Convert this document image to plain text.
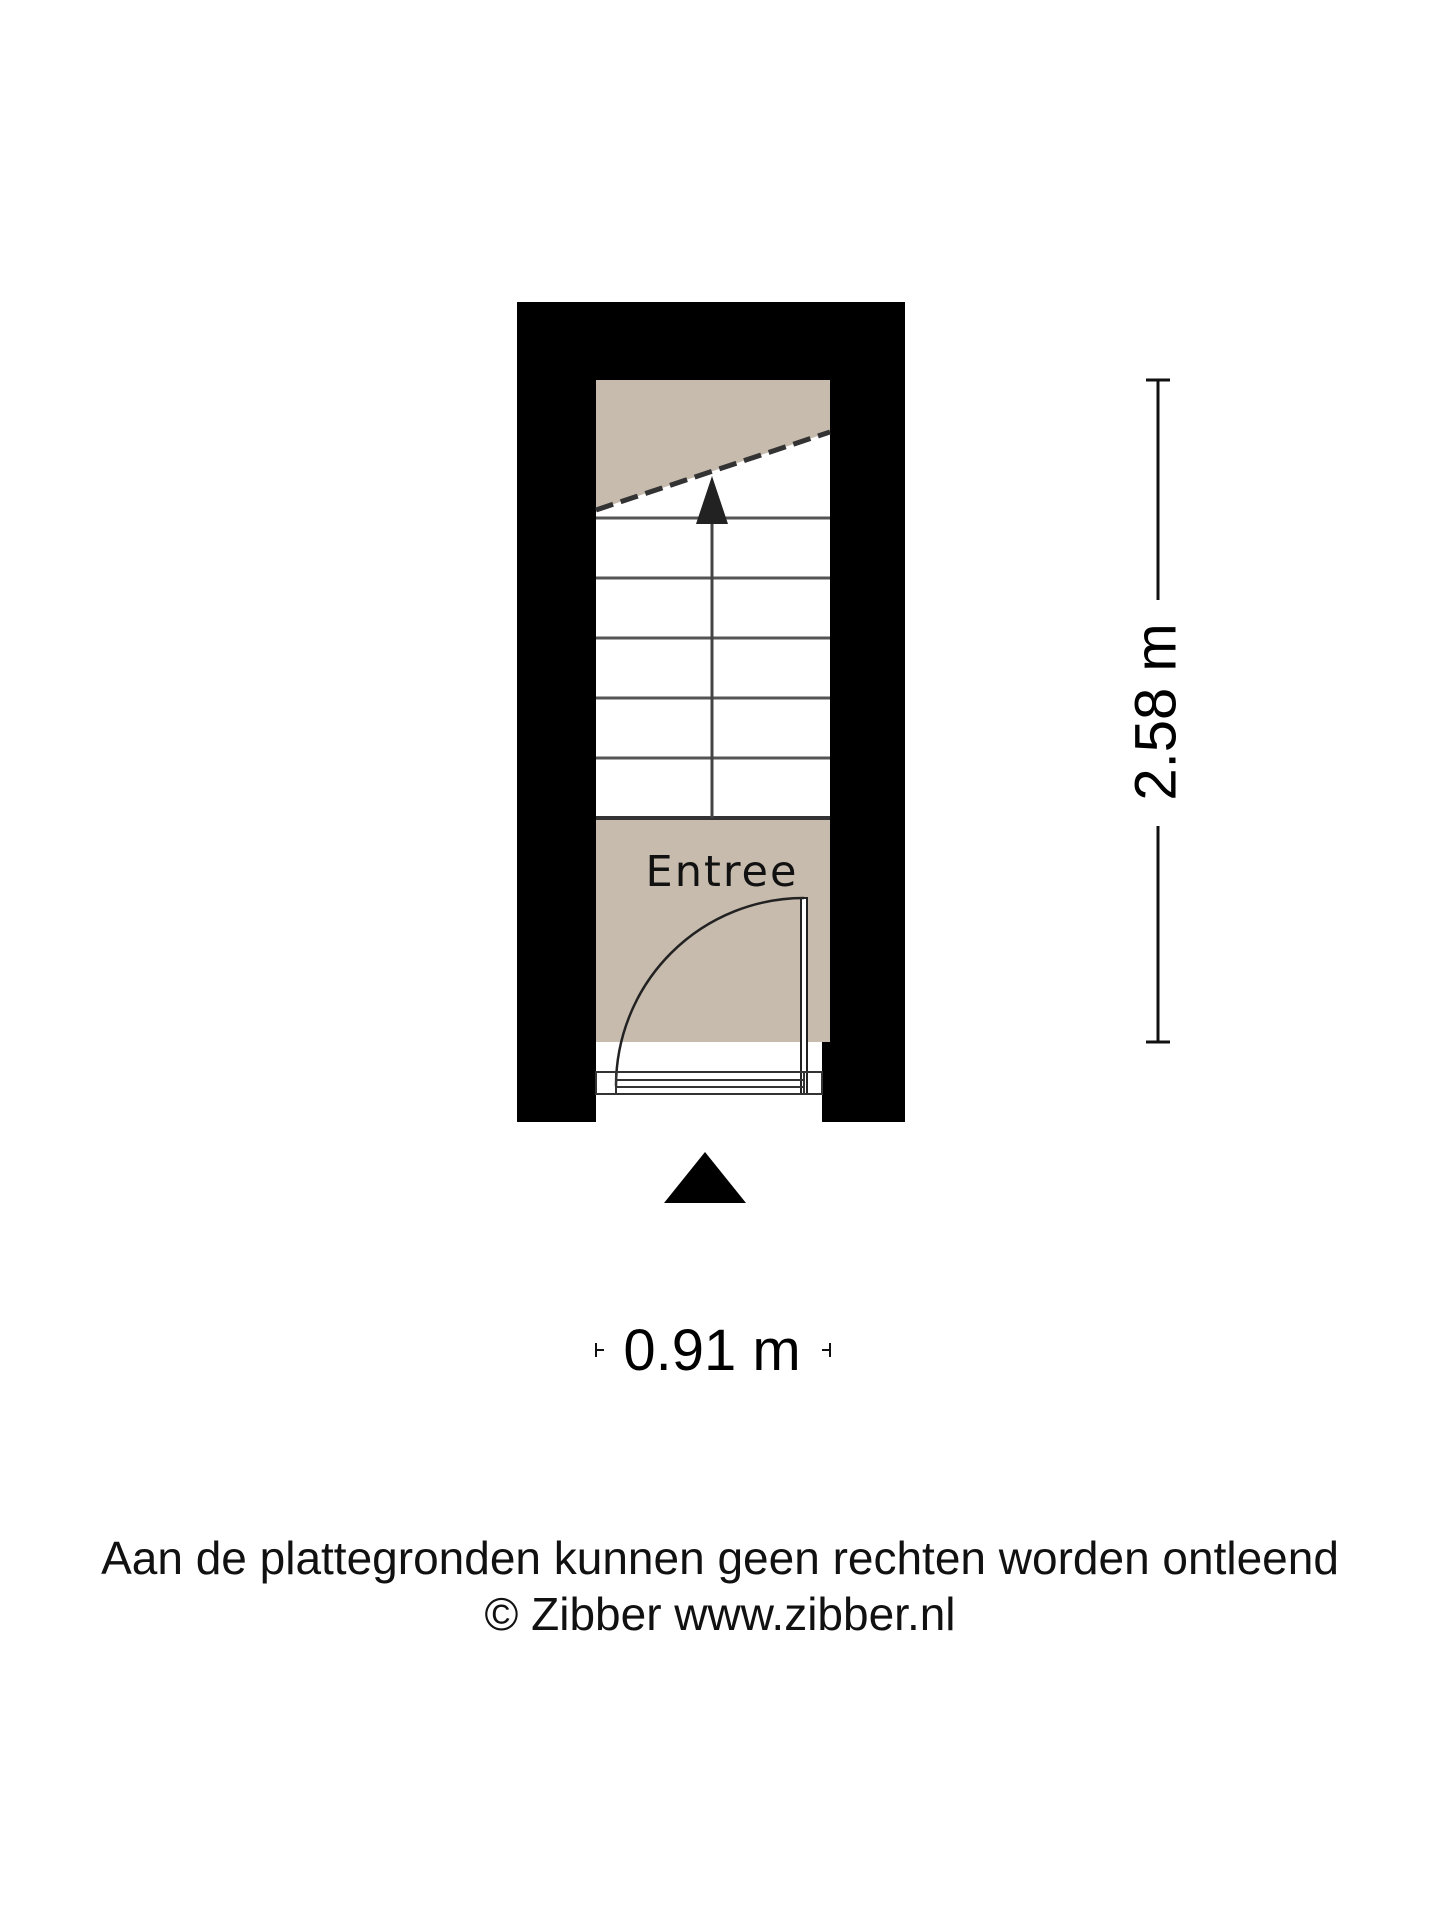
Entree
2.58 m
0.91 m

Aan de plattegronden kunnen geen rechten worden ontleend

© Zibber www.zibber.nl
